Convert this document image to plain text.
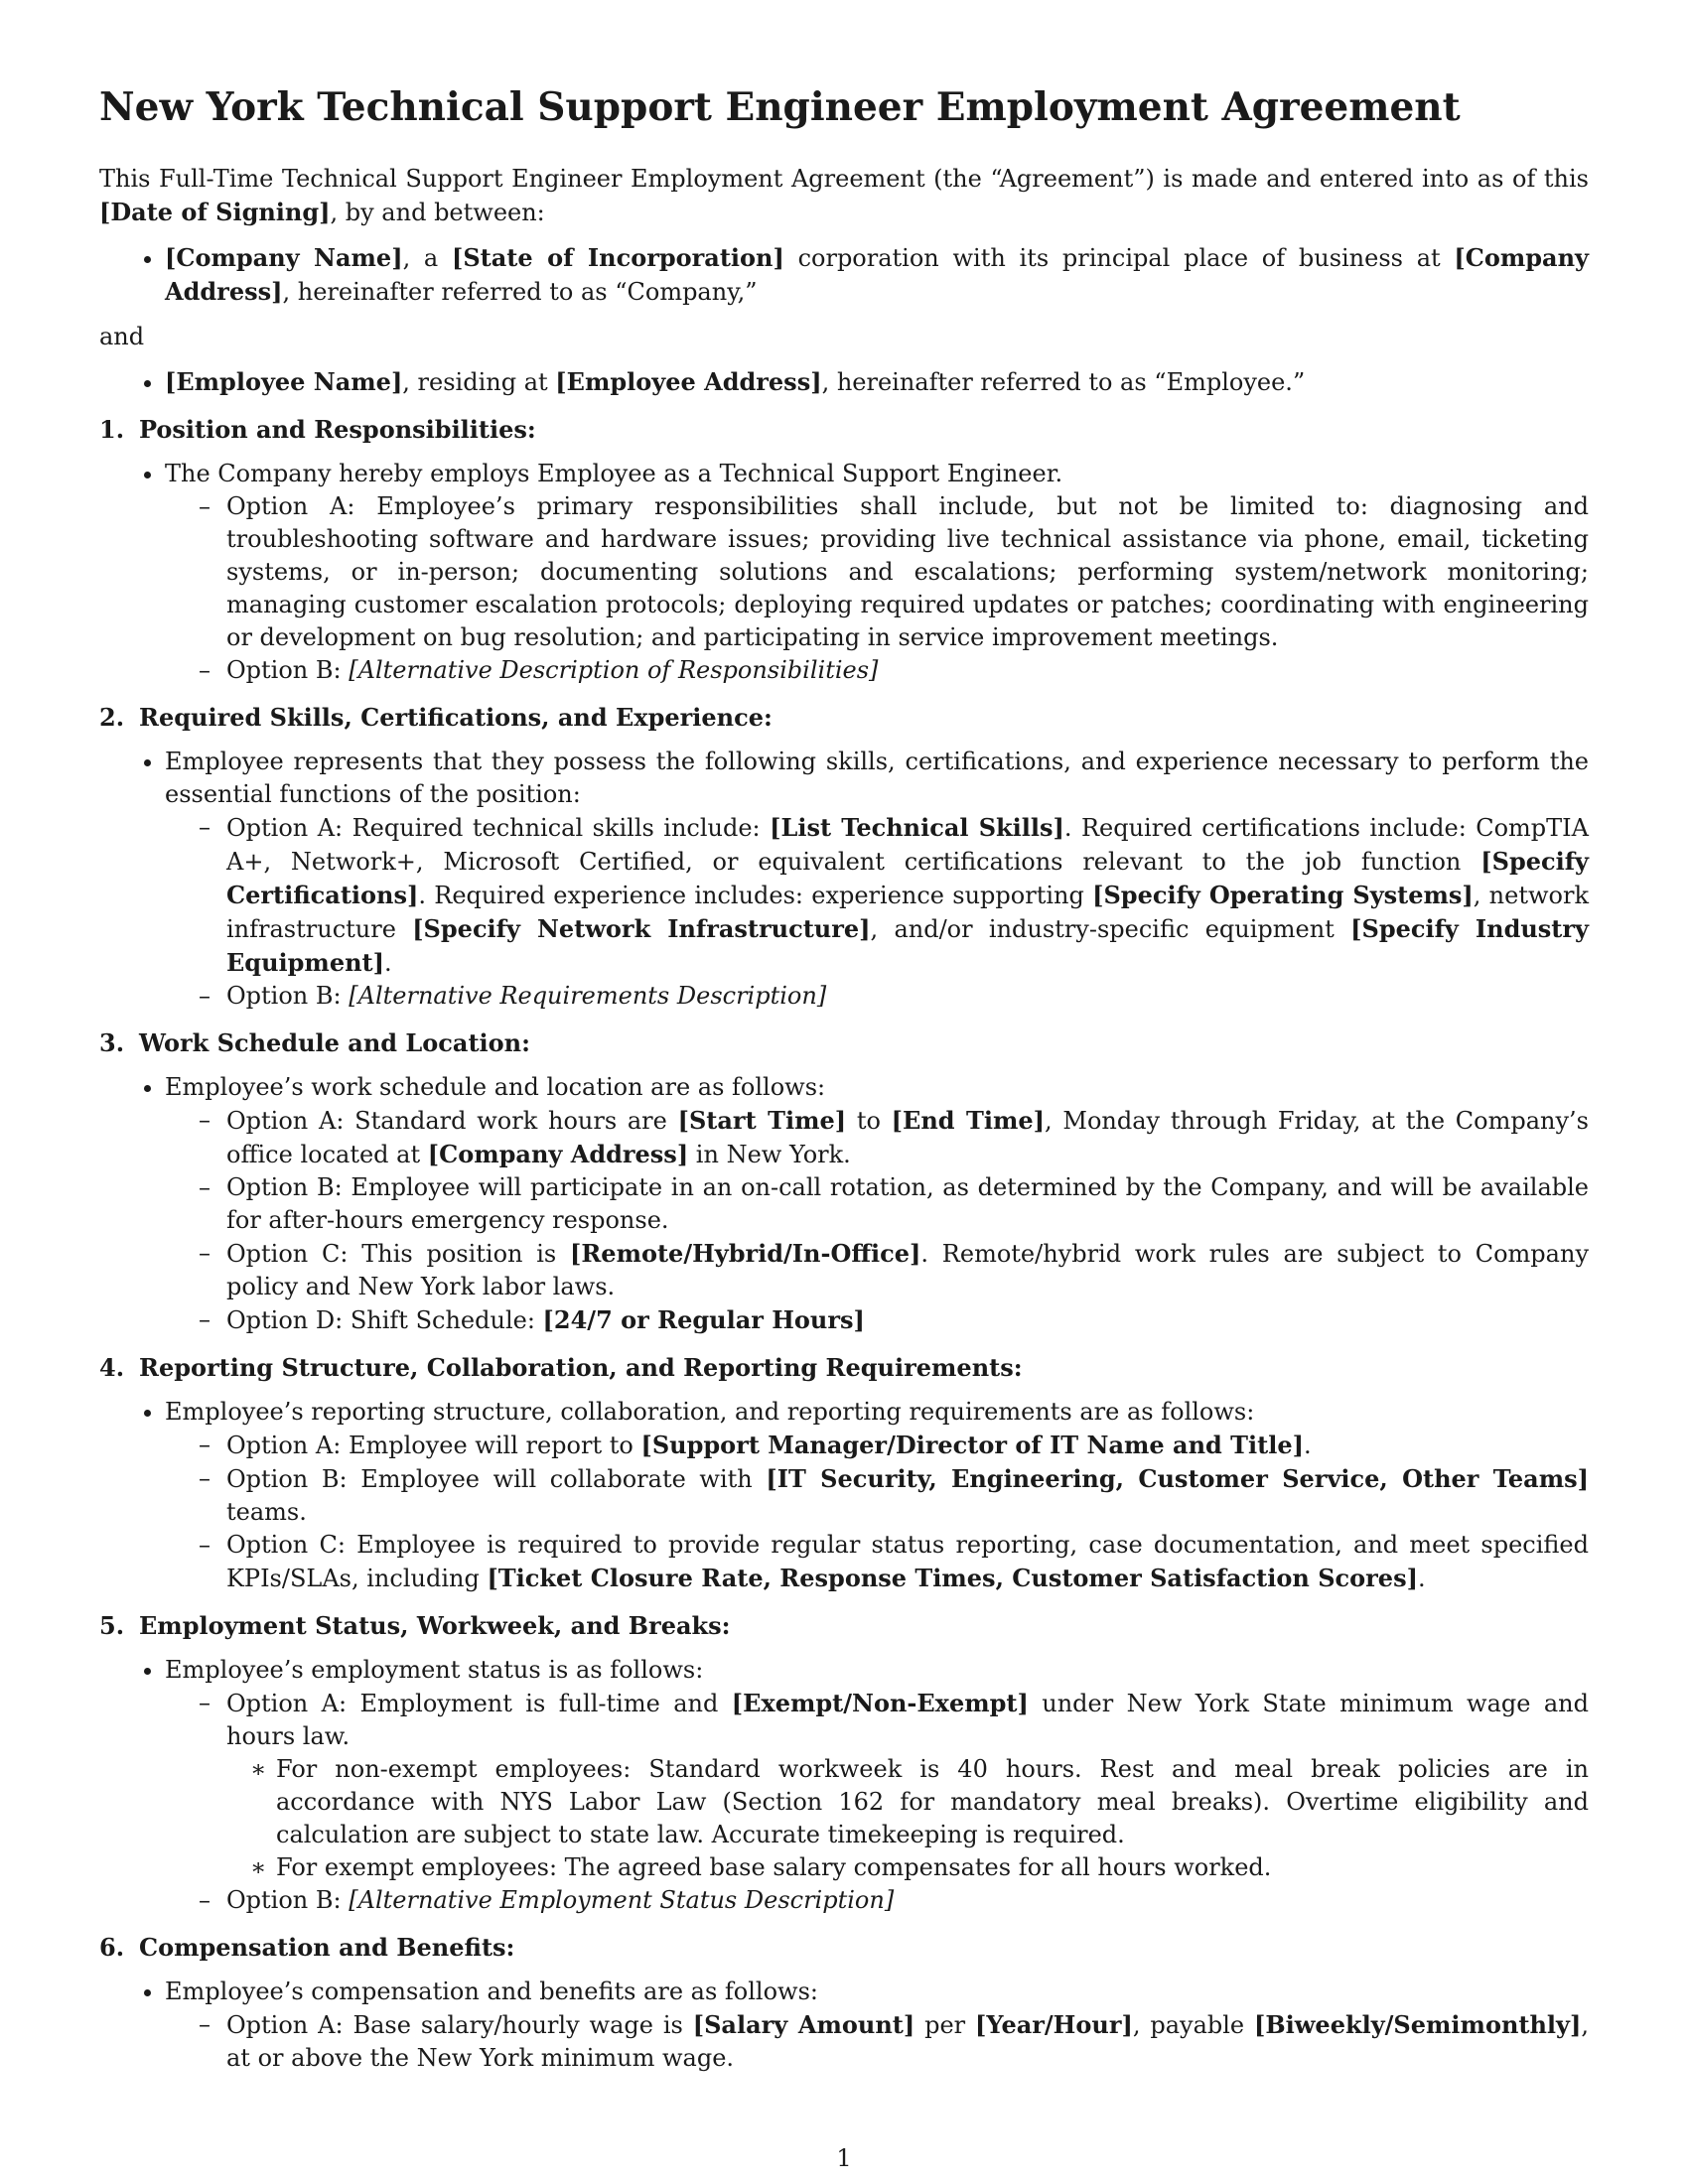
New York Technical Support Engineer Employment Agreement

This Full-Time Technical Support Engineer Employment Agreement (the “Agreement”) is made and entered into as of this [Date of Signing], by and between:

• [Company Name], a [State of Incorporation] corporation with its principal place of business at [Company Address], hereinafter referred to as “Company,”

and

• [Employee Name], residing at [Employee Address], hereinafter referred to as “Employee.”
1. Position and Responsibilities:
• The Company hereby employs Employee as a Technical Support Engineer.
– Option A: Employee’s primary responsibilities shall include, but not be limited to: diagnosing and troubleshooting software and hardware issues; providing live technical assistance via phone, email, ticketing systems, or in-person; documenting solutions and escalations; performing system/network monitoring; managing customer escalation protocols; deploying required updates or patches; coordinating with engineering or development on bug resolution; and participating in service improvement meetings.
– Option B: [Alternative Description of Responsibilities]
2. Required Skills, Certifications, and Experience:
• Employee represents that they possess the following skills, certifications, and experience necessary to perform the essential functions of the position:
– Option A: Required technical skills include: [List Technical Skills]. Required certifications include: CompTIA A+, Network+, Microsoft Certified, or equivalent certifications relevant to the job function [Specify Certifications]. Required experience includes: experience supporting [Specify Operating Systems], network infrastructure [Specify Network Infrastructure], and/or industry-specific equipment [Specify Industry Equipment].
– Option B: [Alternative Requirements Description]
3. Work Schedule and Location:
• Employee’s work schedule and location are as follows:
– Option A: Standard work hours are [Start Time] to [End Time], Monday through Friday, at the Company’s office located at [Company Address] in New York.
– Option B: Employee will participate in an on-call rotation, as determined by the Company, and will be available for after-hours emergency response.
– Option C: This position is [Remote/Hybrid/In-Office]. Remote/hybrid work rules are subject to Company policy and New York labor laws.
– Option D: Shift Schedule: [24/7 or Regular Hours]
4. Reporting Structure, Collaboration, and Reporting Requirements:
• Employee’s reporting structure, collaboration, and reporting requirements are as follows:
– Option A: Employee will report to [Support Manager/Director of IT Name and Title].
– Option B: Employee will collaborate with [IT Security, Engineering, Customer Service, Other Teams] teams.
– Option C: Employee is required to provide regular status reporting, case documentation, and meet specified KPIs/SLAs, including [Ticket Closure Rate, Response Times, Customer Satisfaction Scores].
5. Employment Status, Workweek, and Breaks:
• Employee’s employment status is as follows:
– Option A: Employment is full-time and [Exempt/Non-Exempt] under New York State minimum wage and hours law.
∗ For non-exempt employees: Standard workweek is 40 hours. Rest and meal break policies are in accordance with NYS Labor Law (Section 162 for mandatory meal breaks). Overtime eligibility and calculation are subject to state law. Accurate timekeeping is required.
∗ For exempt employees: The agreed base salary compensates for all hours worked.
– Option B: [Alternative Employment Status Description]
6. Compensation and Benefits:
• Employee’s compensation and benefits are as follows:
– Option A: Base salary/hourly wage is [Salary Amount] per [Year/Hour], payable [Biweekly/Semimonthly], at or above the New York minimum wage.
1
